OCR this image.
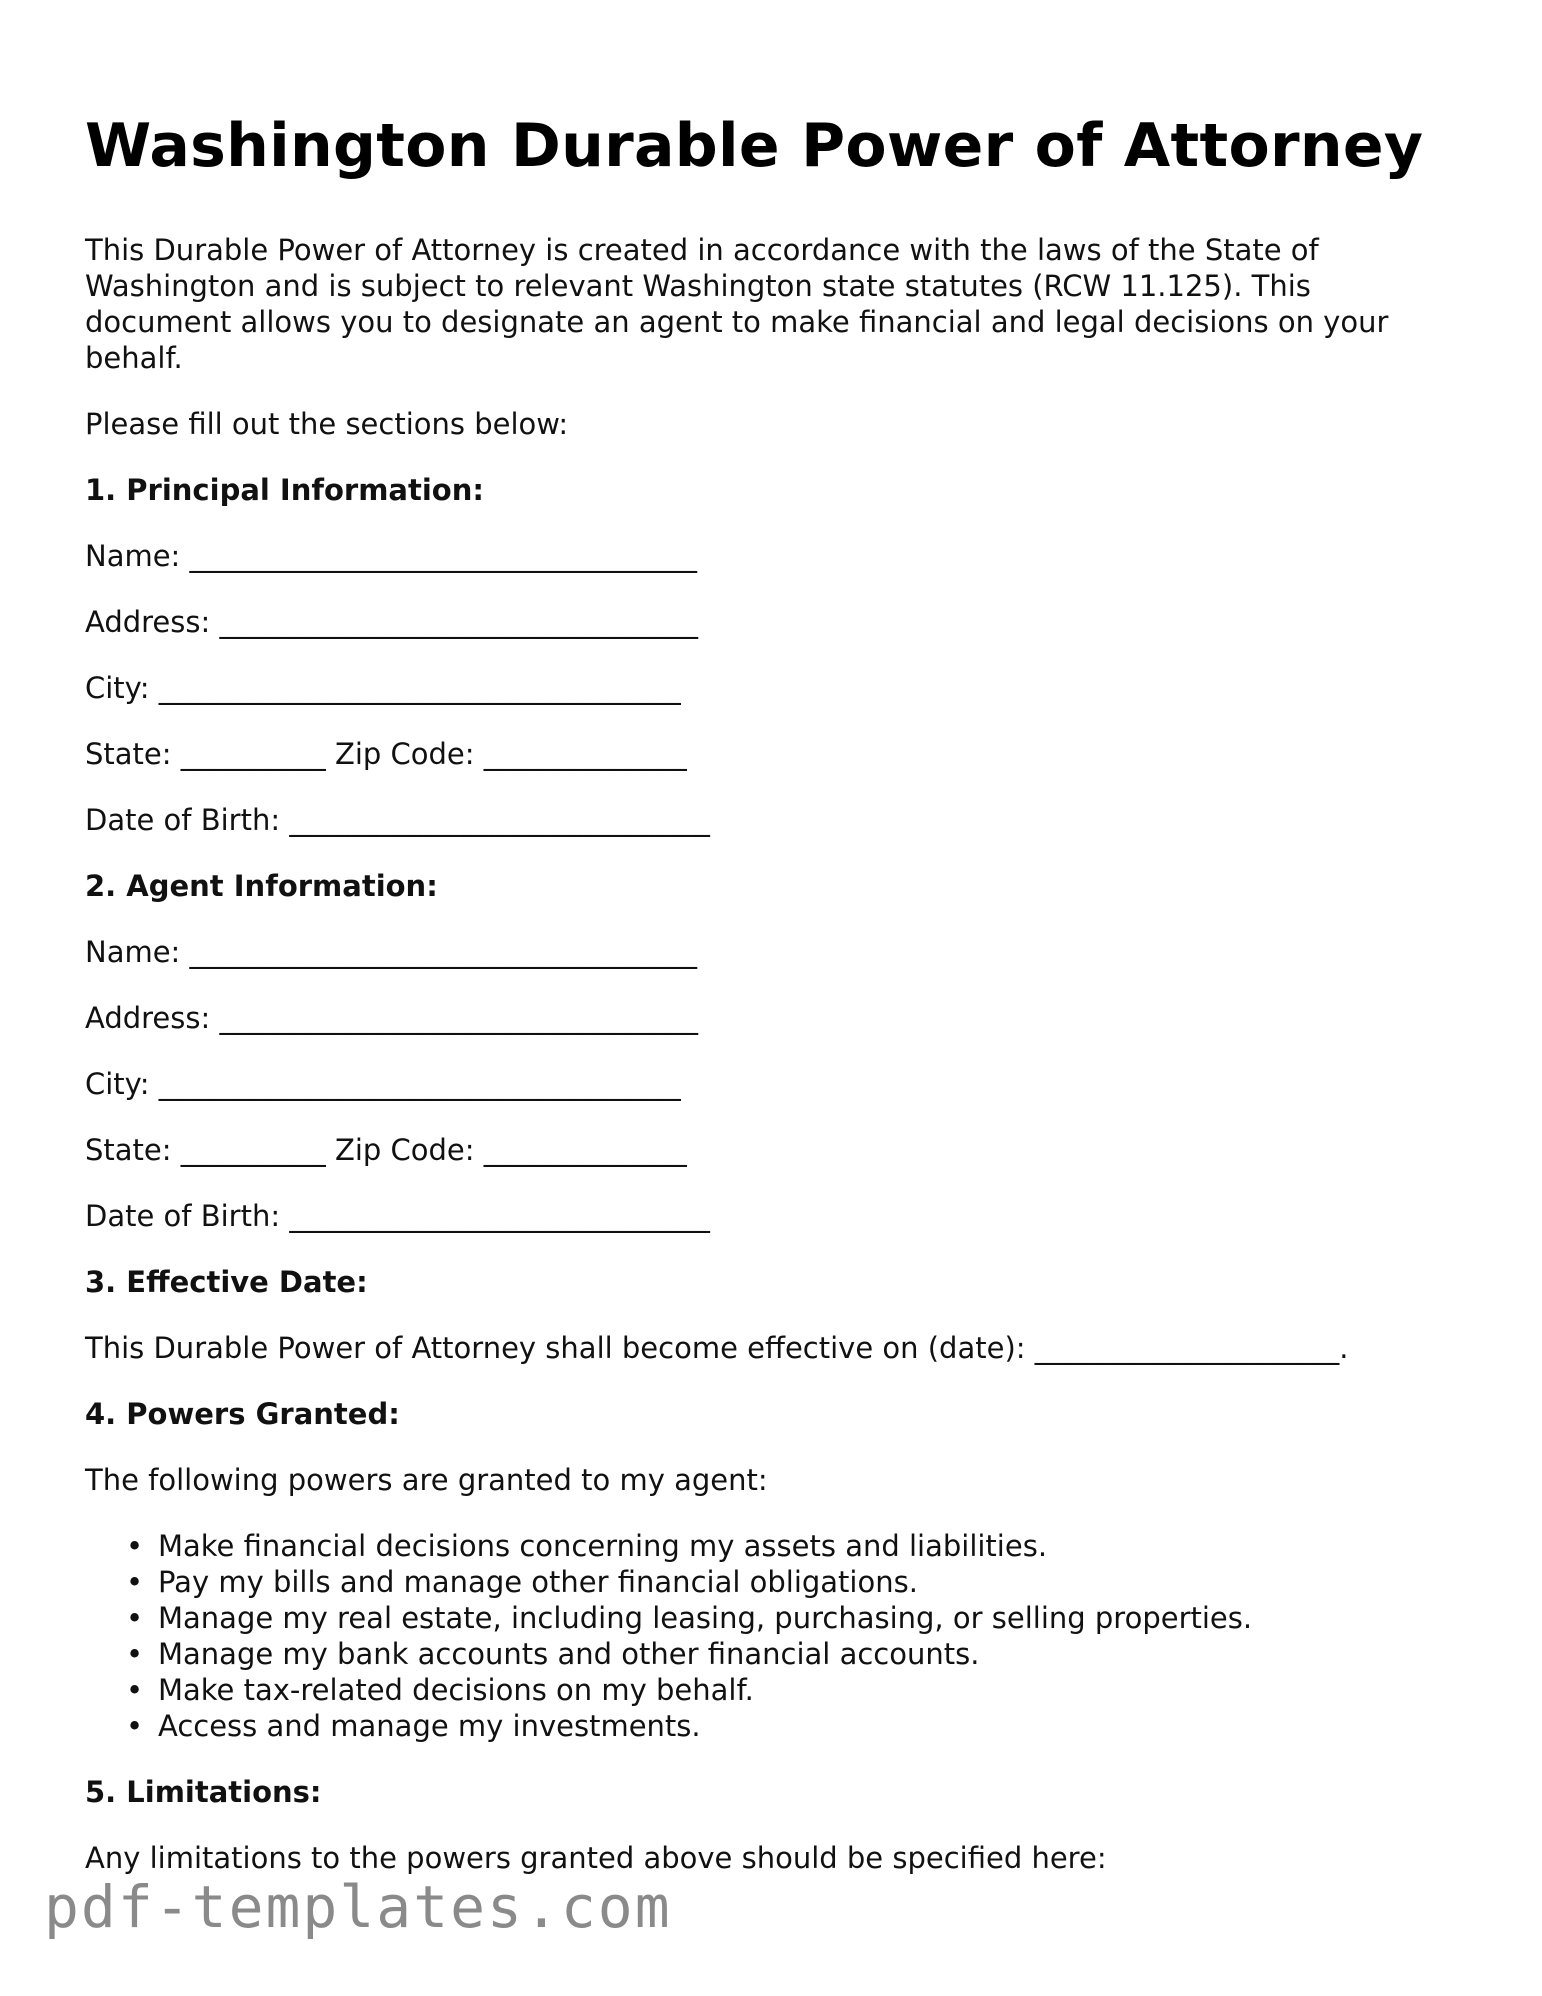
Washington Durable Power of Attorney

This Durable Power of Attorney is created in accordance with the laws of the State of Washington and is subject to relevant Washington state statutes (RCW 11.125). This document allows you to designate an agent to make financial and legal decisions on your behalf.

Please fill out the sections below:

1. Principal Information:

Name: ___________________________________

Address: _________________________________

City: ____________________________________

State: __________ Zip Code: ______________

Date of Birth: _____________________________

2. Agent Information:

Name: ___________________________________

Address: _________________________________

City: ____________________________________

State: __________ Zip Code: ______________

Date of Birth: _____________________________

3. Effective Date:

This Durable Power of Attorney shall become effective on (date): _____________________.

4. Powers Granted:

The following powers are granted to my agent:

• Make financial decisions concerning my assets and liabilities.
• Pay my bills and manage other financial obligations.
• Manage my real estate, including leasing, purchasing, or selling properties.
• Manage my bank accounts and other financial accounts.
• Make tax-related decisions on my behalf.
• Access and manage my investments.

5. Limitations:

Any limitations to the powers granted above should be specified here:

pdf-templates.com
